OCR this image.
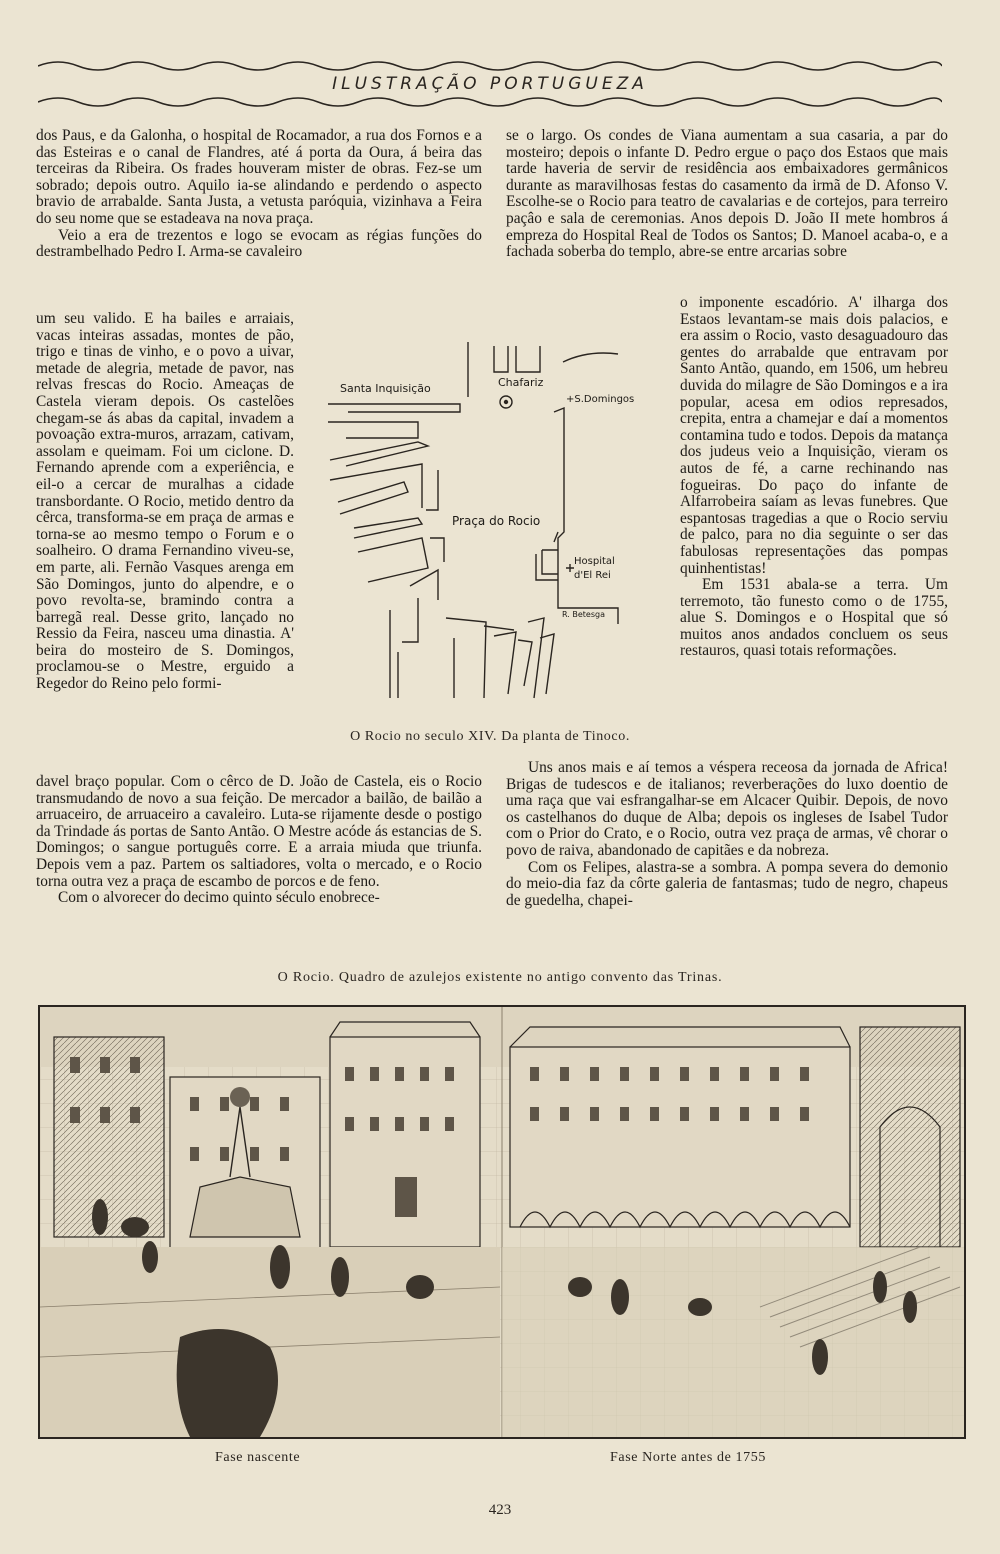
ILUSTRAÇÃO PORTUGUEZA

dos Paus, e da Galonha, o hospital de Rocamador, a rua dos Fornos e a das Esteiras e o canal de Flandres, até á porta da Oura, á beira das terceiras da Ribeira. Os frades houveram mister de obras. Fez-se um sobrado; depois outro. Aquilo ia-se alindando e perdendo o aspecto bravio de arrabalde. Santa Justa, a vetusta paróquia, vizinhava a Feira do seu nome que se estadeava na nova praça.

Veio a era de trezentos e logo se evocam as régias funções do destrambelhado Pedro I. Arma-se cavaleiro

um seu valido. E ha bailes e arraiais, vacas inteiras assadas, montes de pão, trigo e tinas de vinho, e o povo a uivar, metade de alegria, metade de pavor, nas relvas frescas do Rocio. Ameaças de Castela vieram depois. Os castelões chegam-se ás abas da capital, invadem a povoação extra-muros, arrazam, cativam, assolam e queimam. Foi um ciclone. D. Fernando aprende com a experiência, e eil-o a cercar de muralhas a cidade transbordante. O Rocio, metido dentro da cêrca, transforma-se em praça de armas e torna-se ao mesmo tempo o Forum e o soalheiro. O drama Fernandino viveu-se, em parte, ali. Fernão Vasques arenga em São Domingos, junto do alpendre, e o povo revolta-se, bramindo contra a barregã real. Desse grito, lançado no Ressio da Feira, nasceu uma dinastia. A' beira do mosteiro de S. Domingos, proclamou-se o Mestre, erguido a Regedor do Reino pelo formi-

davel braço popular. Com o cêrco de D. João de Castela, eis o Rocio transmudando de novo a sua feição. De mercador a bailão, de bailão a arruaceiro, de arruaceiro a cavaleiro. Luta-se rijamente desde o postigo da Trindade ás portas de Santo Antão. O Mestre acóde ás estancias de S. Domingos; o sangue português corre. E a arraia miuda que triunfa. Depois vem a paz. Partem os saltiadores, volta o mercado, e o Rocio torna outra vez a praça de escambo de porcos e de feno.

Com o alvorecer do decimo quinto século enobrece-

se o largo. Os condes de Viana aumentam a sua casaria, a par do mosteiro; depois o infante D. Pedro ergue o paço dos Estaos que mais tarde haveria de servir de residência aos embaixadores germânicos durante as maravilhosas festas do casamento da irmã de D. Afonso V. Escolhe-se o Rocio para teatro de cavalarias e de cortejos, para terreiro paçâo e sala de ceremonias. Anos depois D. João II mete hombros á empreza do Hospital Real de Todos os Santos; D. Manoel acaba-o, e a fachada soberba do templo, abre-se entre arcarias sobre

o imponente escadório. A' ilharga dos Estaos levantam-se mais dois palacios, e era assim o Rocio, vasto desaguadouro das gentes do arrabalde que entravam por Santo Antão, quando, em 1506, um hebreu duvida do milagre de São Domingos e a ira popular, acesa em odios represados, crepita, entra a chamejar e daí a momentos contamina tudo e todos. Depois da matança dos judeus veio a Inquisição, vieram os autos de fé, a carne rechinando nas fogueiras. Do paço do infante de Alfarrobeira saíam as levas funebres. Que espantosas tragedias a que o Rocio serviu de palco, para no dia seguinte o ser das fabulosas representações das pompas quinhentistas!

Em 1531 abala-se a terra. Um terremoto, tão funesto como o de 1755, alue S. Domingos e o Hospital que só muitos anos andados concluem os seus restauros, quasi totais reformações.

Uns anos mais e aí temos a véspera receosa da jornada de Africa! Brigas de tudescos e de italianos; reverberações do luxo doentio de uma raça que vai esfrangalhar-se em Alcacer Quibir. Depois, de novo os castelhanos do duque de Alba; depois os ingleses de Isabel Tudor com o Prior do Crato, e o Rocio, outra vez praça de armas, vê chorar o povo de raiva, abandonado de capitães e da nobreza.

Com os Felipes, alastra-se a sombra. A pompa severa do demonio do meio-dia faz da côrte galeria de fantasmas; tudo de negro, chapeus de guedelha, chapei-

Santa Inquisição	Chafariz
+S.Domingos
Praça do Rocio
Hospital
d'El Rei
R. Betesga
O Rocio no seculo XIV. Da planta de Tinoco.
O Rocio. Quadro de azulejos existente no antigo convento das Trinas.
Fase nascente	Fase Norte antes de 1755
423
